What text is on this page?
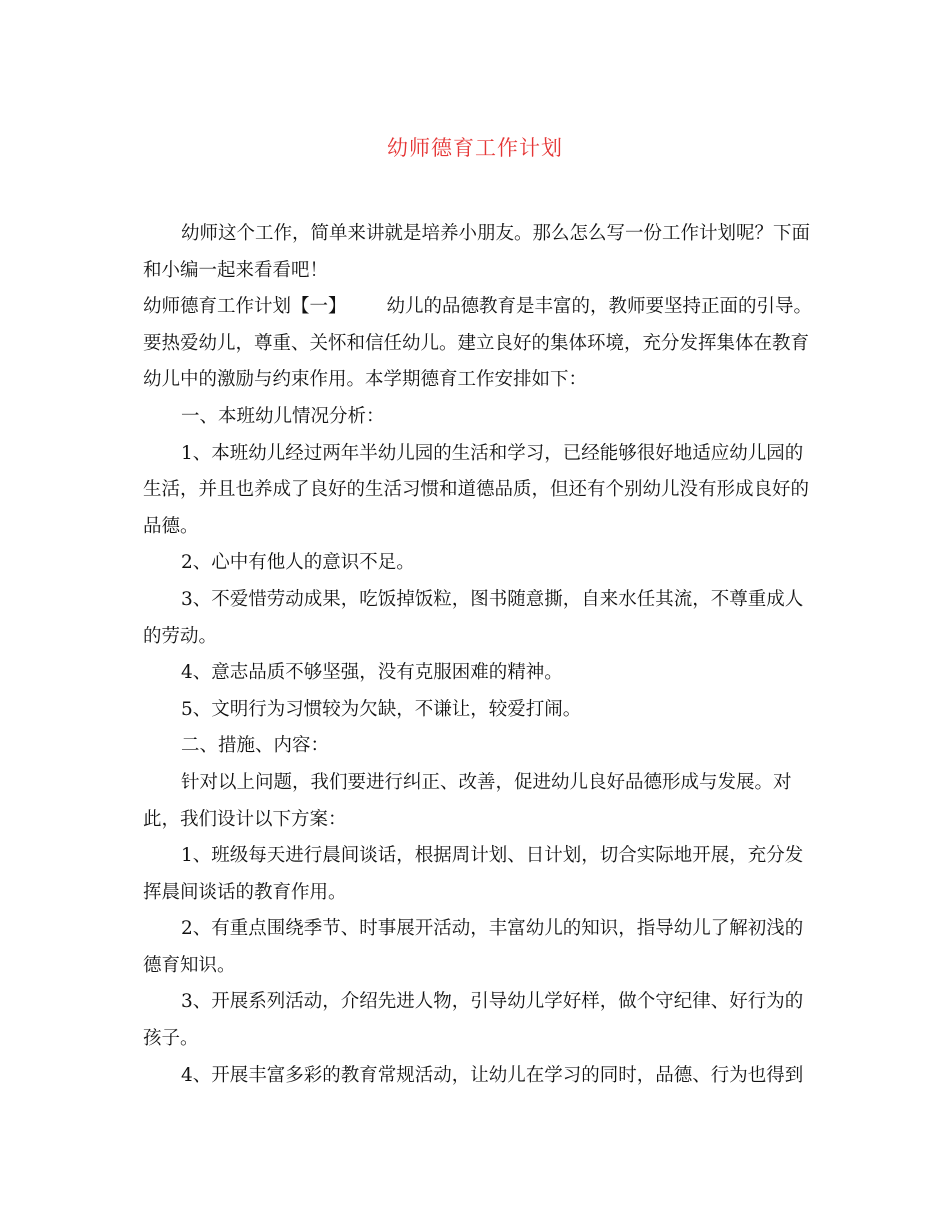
幼师德育工作计划

幼师这个工作，简单来讲就是培养小朋友。那么怎么写一份工作计划呢？下面和小编一起来看看吧！

幼师德育工作计划【一】 幼儿的品德教育是丰富的，教师要坚持正面的引导。要热爱幼儿，尊重、关怀和信任幼儿。建立良好的集体环境，充分发挥集体在教育幼儿中的激励与约束作用。本学期德育工作安排如下：

一、本班幼儿情况分析：

1、本班幼儿经过两年半幼儿园的生活和学习，已经能够很好地适应幼儿园的生活，并且也养成了良好的生活习惯和道德品质，但还有个别幼儿没有形成良好的品德。

2、心中有他人的意识不足。

3、不爱惜劳动成果，吃饭掉饭粒，图书随意撕，自来水任其流，不尊重成人的劳动。

4、意志品质不够坚强，没有克服困难的精神。

5、文明行为习惯较为欠缺，不谦让，较爱打闹。

二、措施、内容：

针对以上问题，我们要进行纠正、改善，促进幼儿良好品德形成与发展。对此，我们设计以下方案：

1、班级每天进行晨间谈话，根据周计划、日计划，切合实际地开展，充分发挥晨间谈话的教育作用。

2、有重点围绕季节、时事展开活动，丰富幼儿的知识，指导幼儿了解初浅的德育知识。

3、开展系列活动，介绍先进人物，引导幼儿学好样，做个守纪律、好行为的孩子。

4、开展丰富多彩的教育常规活动，让幼儿在学习的同时，品德、行为也得到
